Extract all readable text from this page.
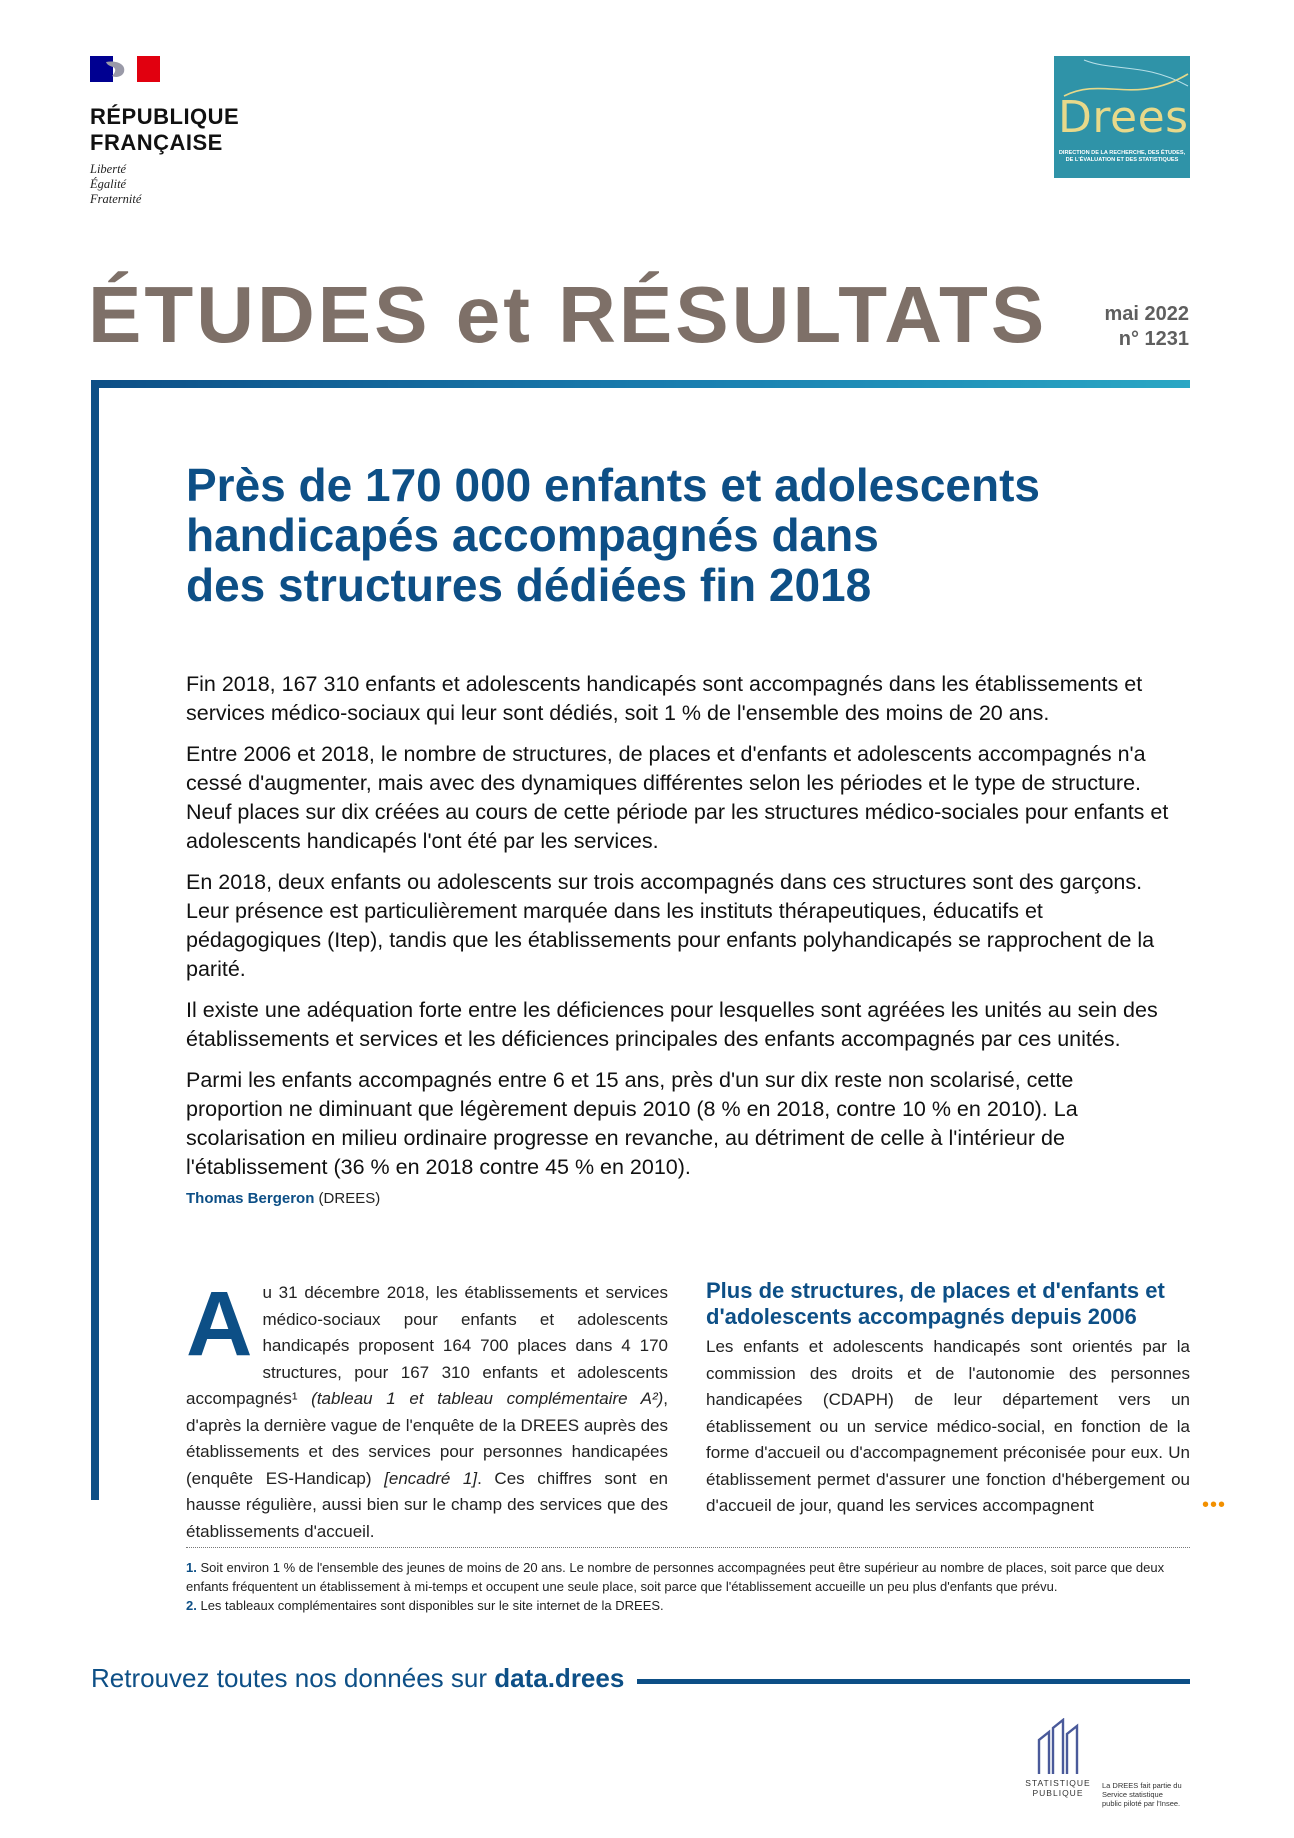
RÉPUBLIQUE
FRANÇAISE
Liberté
Égalité
Fraternité
Drees
DIRECTION DE LA RECHERCHE, DES ÉTUDES, DE L'ÉVALUATION ET DES STATISTIQUES
ÉTUDES et RÉSULTATS	mai 2022
n° 1231
Près de 170 000 enfants et adolescents
handicapés accompagnés dans
des structures dédiées fin 2018

Fin 2018, 167 310 enfants et adolescents handicapés sont accompagnés dans les établissements et services médico-sociaux qui leur sont dédiés, soit 1 % de l'ensemble des moins de 20 ans.

Entre 2006 et 2018, le nombre de structures, de places et d'enfants et adolescents accompagnés n'a cessé d'augmenter, mais avec des dynamiques différentes selon les périodes et le type de structure. Neuf places sur dix créées au cours de cette période par les structures médico-sociales pour enfants et adolescents handicapés l'ont été par les services.

En 2018, deux enfants ou adolescents sur trois accompagnés dans ces structures sont des garçons. Leur présence est particulièrement marquée dans les instituts thérapeutiques, éducatifs et pédagogiques (Itep), tandis que les établissements pour enfants polyhandicapés se rapprochent de la parité.

Il existe une adéquation forte entre les déficiences pour lesquelles sont agréées les unités au sein des établissements et services et les déficiences principales des enfants accompagnés par ces unités.

Parmi les enfants accompagnés entre 6 et 15 ans, près d'un sur dix reste non scolarisé, cette proportion ne diminuant que légèrement depuis 2010 (8 % en 2018, contre 10 % en 2010). La scolarisation en milieu ordinaire progresse en revanche, au détriment de celle à l'intérieur de l'établissement (36 % en 2018 contre 45 % en 2010).

Thomas Bergeron (DREES)
A u 31 décembre 2018, les établissements et services médico-sociaux pour enfants et adolescents handicapés proposent 164 700 places dans 4 170 structures, pour 167 310 enfants et adolescents accompagnés¹ (tableau 1 et tableau complémentaire A²), d'après la dernière vague de l'enquête de la DREES auprès des établissements et des services pour personnes handicapées (enquête ES-Handicap) [encadré 1]. Ces chiffres sont en hausse régulière, aussi bien sur le champ des services que des établissements d'accueil.
Plus de structures, de places et d'enfants et d'adolescents accompagnés depuis 2006
Les enfants et adolescents handicapés sont orientés par la commission des droits et de l'autonomie des personnes handicapées (CDAPH) de leur département vers un établissement ou un service médico-social, en fonction de la forme d'accueil ou d'accompagnement préconisée pour eux. Un établissement permet d'assurer une fonction d'hébergement ou d'accueil de jour, quand les services accompagnent	•••

1. Soit environ 1 % de l'ensemble des jeunes de moins de 20 ans. Le nombre de personnes accompagnées peut être supérieur au nombre de places, soit parce que deux enfants fréquentent un établissement à mi-temps et occupent une seule place, soit parce que l'établissement accueille un peu plus d'enfants que prévu.

2. Les tableaux complémentaires sont disponibles sur le site internet de la DREES.

Retrouvez toutes nos données sur data.drees
STATISTIQUE
PUBLIQUE
La DREES fait partie du Service statistique public piloté par l'Insee.
